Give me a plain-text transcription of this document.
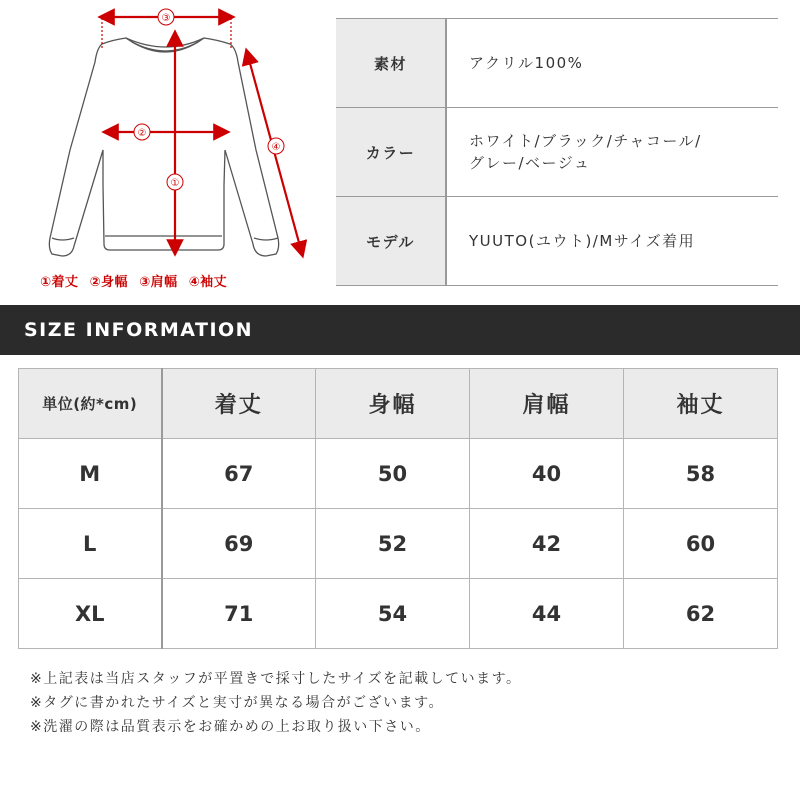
③
②
①
④
①着丈 ②身幅 ③肩幅 ④袖丈
素材	アクリル100%
カラー	ホワイト/ブラック/チャコール/
グレー/ベージュ
モデル	YUUTO(ユウト)/Mサイズ着用
SIZE INFORMATION
単位(約*cm)	着丈	身幅	肩幅	袖丈
M	67	50	40	58
L	69	52	42	60
XL	71	54	44	62
※上記表は当店スタッフが平置きで採寸したサイズを記載しています。
※タグに書かれたサイズと実寸が異なる場合がございます。
※洗濯の際は品質表示をお確かめの上お取り扱い下さい。
